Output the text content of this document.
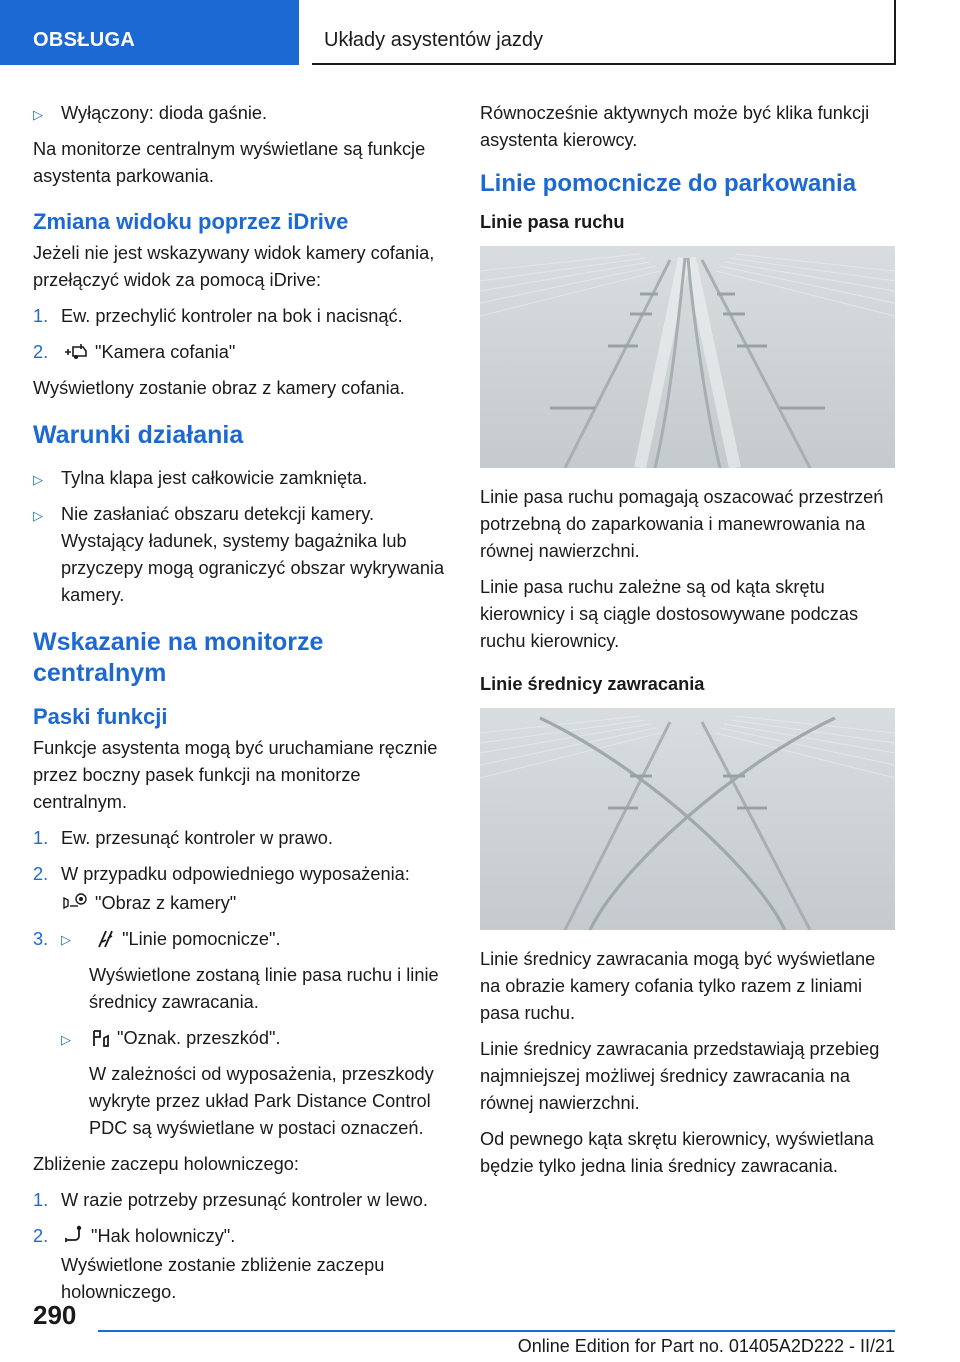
OBSŁUGA	Układy asystentów jazdy
▷ Wyłączony: dioda gaśnie.

Na monitorze centralnym wyświetlane są funkcje asystenta parkowania.

Zmiana widoku poprzez iDrive

Jeżeli nie jest wskazywany widok kamery cofania, przełączyć widok za pomocą iDrive:

1. Ew. przechylić kontroler na bok i nacisnąć.
2.	"Kamera cofania"

Wyświetlony zostanie obraz z kamery cofania.

Warunki działania
▷ Tylna klapa jest całkowicie zamknięta.
▷ Nie zasłaniać obszaru detekcji kamery. Wystający ładunek, systemy bagażnika lub przyczepy mogą ograniczyć obszar wykrywania kamery.
Wskazanie na monitorze centralnym
Paski funkcji

Funkcje asystenta mogą być uruchamiane ręcznie przez boczny pasek funkcji na monitorze centralnym.

1. Ew. przesunąć kontroler w prawo.
2. W przypadku odpowiedniego wyposażenia:
"Obraz z kamery"
3. ▷	"Linie pomocnicze".
Wyświetlone zostaną linie pasa ruchu i linie średnicy zawracania.
▷	"Oznak. przeszkód".
W zależności od wyposażenia, przeszkody wykryte przez układ Park Distance Control PDC są wyświetlane w postaci oznaczeń.

Zbliżenie zaczepu holowniczego:

1. W razie potrzeby przesunąć kontroler w lewo.
2. "Hak holowniczy".
Wyświetlone zostanie zbliżenie zaczepu holowniczego.

Równocześnie aktywnych może być klika funkcji asystenta kierowcy.

Linie pomocnicze do parkowania
Linie pasa ruchu

Linie pasa ruchu pomagają oszacować przestrzeń potrzebną do zaparkowania i manewrowania na równej nawierzchni.

Linie pasa ruchu zależne są od kąta skrętu kierownicy i są ciągle dostosowywane podczas ruchu kierownicy.

Linie średnicy zawracania

Linie średnicy zawracania mogą być wyświetlane na obrazie kamery cofania tylko razem z liniami pasa ruchu.

Linie średnicy zawracania przedstawiają przebieg najmniejszej możliwej średnicy zawracania na równej nawierzchni.

Od pewnego kąta skrętu kierownicy, wyświetlana będzie tylko jedna linia średnicy zawracania.

290
Online Edition for Part no. 01405A2D222 - II/21
